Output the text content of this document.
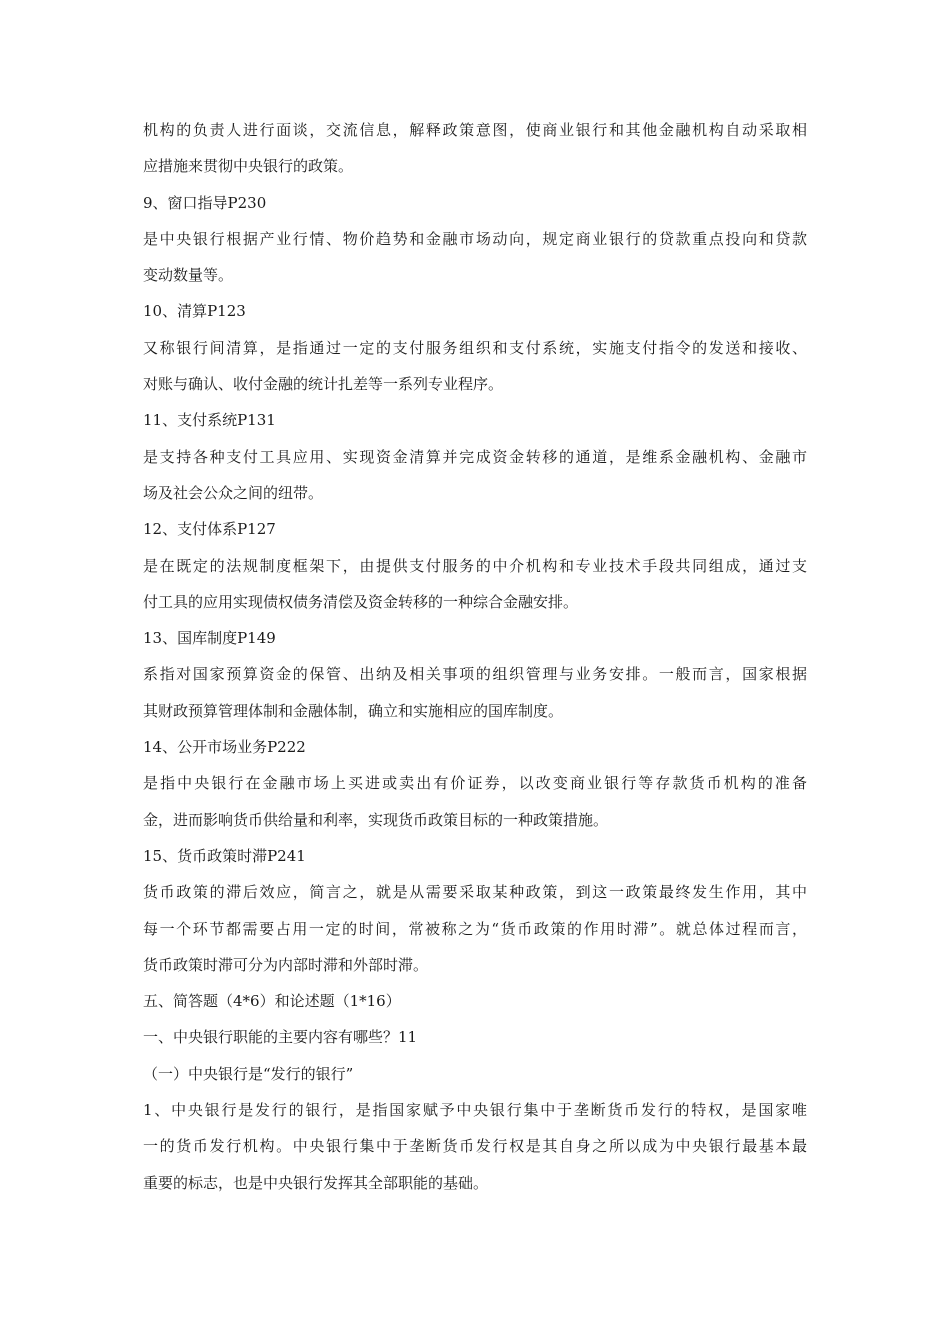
机构的负责人进行面谈，交流信息，解释政策意图，使商业银行和其他金融机构自动采取相
应措施来贯彻中央银行的政策。
9、窗口指导P230
是中央银行根据产业行情、物价趋势和金融市场动向，规定商业银行的贷款重点投向和贷款
变动数量等。
10、清算P123
又称银行间清算，是指通过一定的支付服务组织和支付系统，实施支付指令的发送和接收、
对账与确认、收付金融的统计扎差等一系列专业程序。
11、支付系统P131
是支持各种支付工具应用、实现资金清算并完成资金转移的通道，是维系金融机构、金融市
场及社会公众之间的纽带。
12、支付体系P127
是在既定的法规制度框架下，由提供支付服务的中介机构和专业技术手段共同组成，通过支
付工具的应用实现债权债务清偿及资金转移的一种综合金融安排。
13、国库制度P149
系指对国家预算资金的保管、出纳及相关事项的组织管理与业务安排。一般而言，国家根据
其财政预算管理体制和金融体制，确立和实施相应的国库制度。
14、公开市场业务P222
是指中央银行在金融市场上买进或卖出有价证券，以改变商业银行等存款货币机构的准备
金，进而影响货币供给量和利率，实现货币政策目标的一种政策措施。
15、货币政策时滞P241
货币政策的滞后效应，简言之，就是从需要采取某种政策，到这一政策最终发生作用，其中
每一个环节都需要占用一定的时间，常被称之为“货币政策的作用时滞”。就总体过程而言，
货币政策时滞可分为内部时滞和外部时滞。
五、简答题（4*6）和论述题（1*16）
一、中央银行职能的主要内容有哪些？11
（一）中央银行是“发行的银行”
1、中央银行是发行的银行，是指国家赋予中央银行集中于垄断货币发行的特权，是国家唯
一的货币发行机构。中央银行集中于垄断货币发行权是其自身之所以成为中央银行最基本最
重要的标志，也是中央银行发挥其全部职能的基础。
